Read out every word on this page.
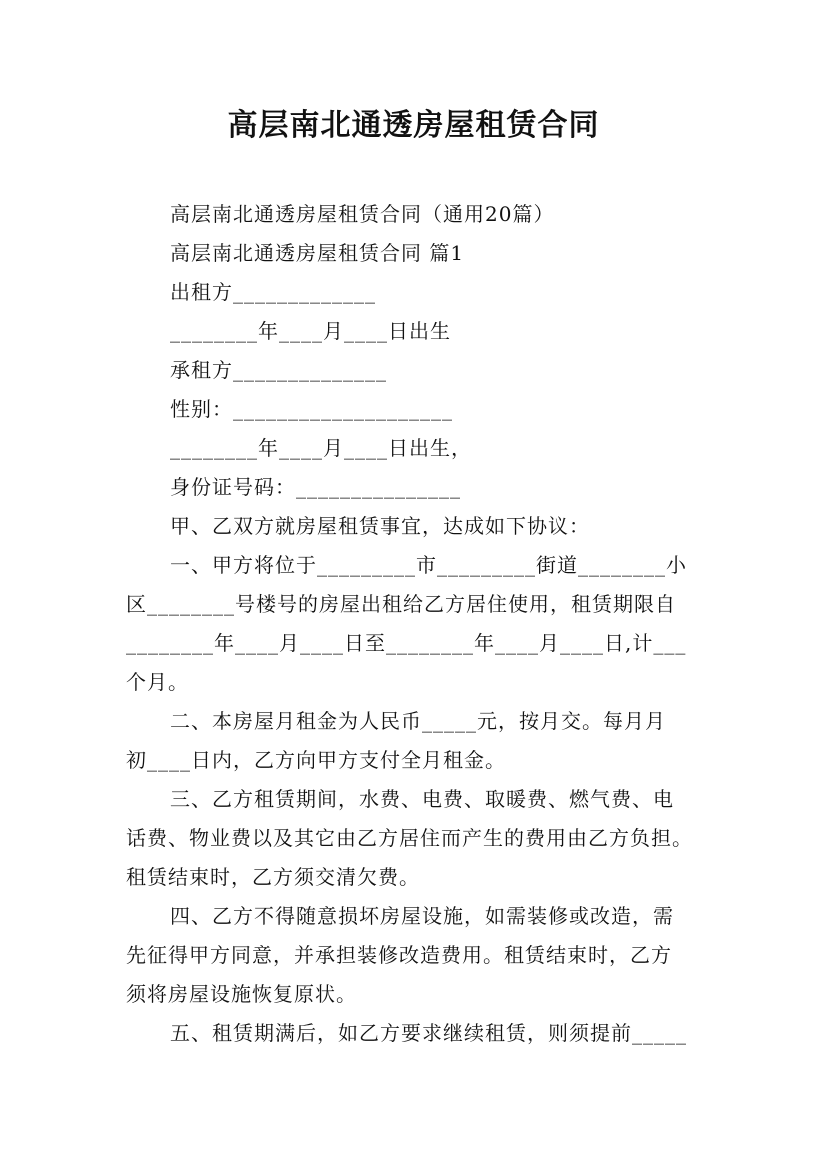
高层南北通透房屋租赁合同
高层南北通透房屋租赁合同（通用20篇）
高层南北通透房屋租赁合同 篇1
出租方_____________
________年____月____日出生
承租方______________
性别：____________________
________年____月____日出生，
身份证号码：_______________
甲、乙双方就房屋租赁事宜，达成如下协议：
一、甲方将位于_________市_________街道________小
区________号楼号的房屋出租给乙方居住使用，租赁期限自
________年____月____日至________年____月____日,计___
个月。
二、本房屋月租金为人民币_____元，按月交。每月月
初____日内，乙方向甲方支付全月租金。
三、乙方租赁期间，水费、电费、取暖费、燃气费、电
话费、物业费以及其它由乙方居住而产生的费用由乙方负担。
租赁结束时，乙方须交清欠费。
四、乙方不得随意损坏房屋设施，如需装修或改造，需
先征得甲方同意，并承担装修改造费用。租赁结束时，乙方
须将房屋设施恢复原状。
五、租赁期满后，如乙方要求继续租赁，则须提前_____
